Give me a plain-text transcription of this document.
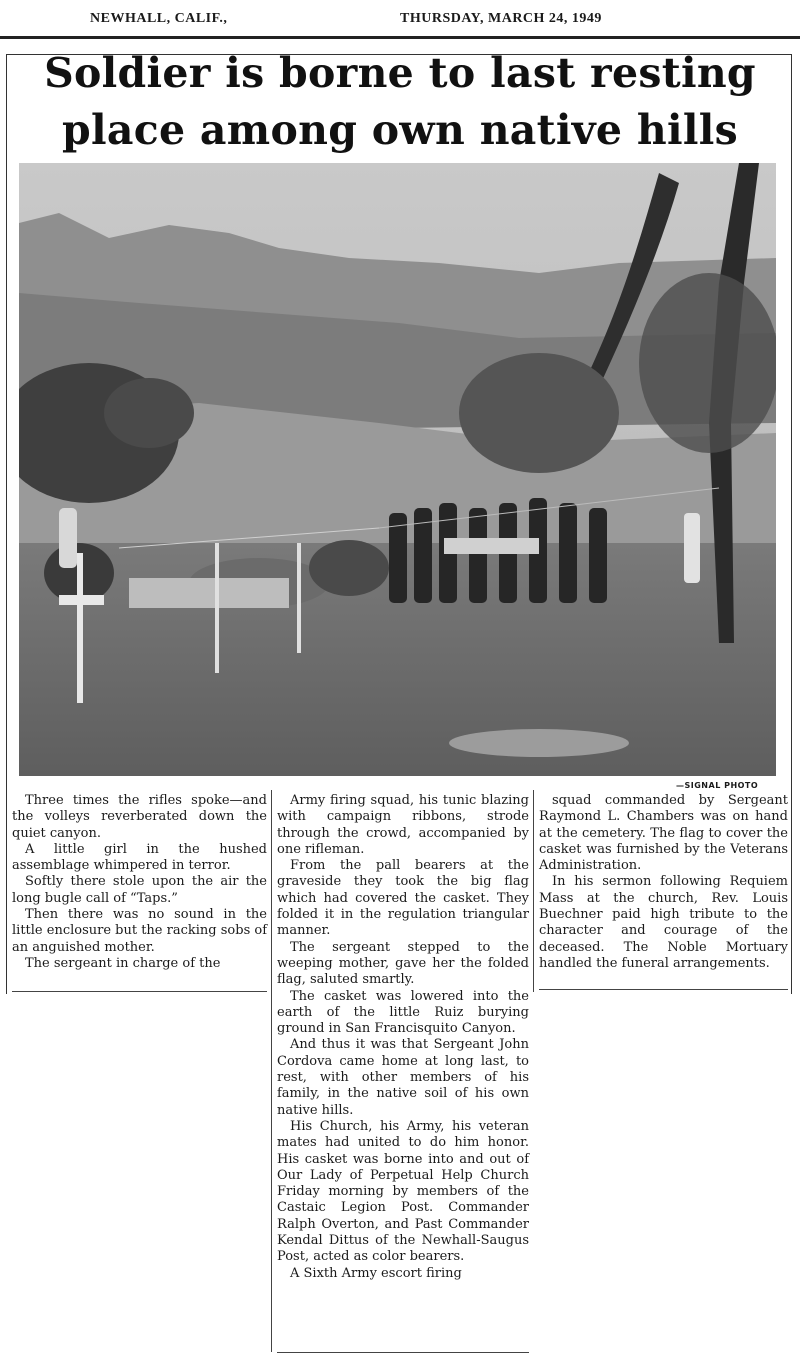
NEWHALL, CALIF.,	THURSDAY, MARCH 24, 1949
Soldier is borne to last resting
place among own native hills
—SIGNAL PHOTO

Three times the rifles spoke—and the volleys reverberated down the quiet canyon.

A little girl in the hushed assemblage whimpered in terror.

Softly there stole upon the air the long bugle call of “Taps.”

Then there was no sound in the little enclosure but the racking sobs of an anguished mother.

The sergeant in charge of the

Army firing squad, his tunic blazing with campaign ribbons, strode through the crowd, accompanied by one rifleman.

From the pall bearers at the graveside they took the big flag which had covered the casket. They folded it in the regulation triangular manner.

The sergeant stepped to the weeping mother, gave her the folded flag, saluted smartly.

The casket was lowered into the earth of the little Ruiz burying ground in San Francisquito Canyon.

And thus it was that Sergeant John Cordova came home at long last, to rest, with other members of his family, in the native soil of his own native hills.

His Church, his Army, his veteran mates had united to do him honor. His casket was borne into and out of Our Lady of Perpetual Help Church Friday morning by members of the Castaic Legion Post. Commander Ralph Overton, and Past Commander Kendal Dittus of the Newhall-Saugus Post, acted as color bearers.

A Sixth Army escort firing

squad commanded by Sergeant Raymond L. Chambers was on hand at the cemetery. The flag to cover the casket was furnished by the Veterans Administration.

In his sermon following Requiem Mass at the church, Rev. Louis Buechner paid high tribute to the character and courage of the deceased. The Noble Mortuary handled the funeral arrangements.
